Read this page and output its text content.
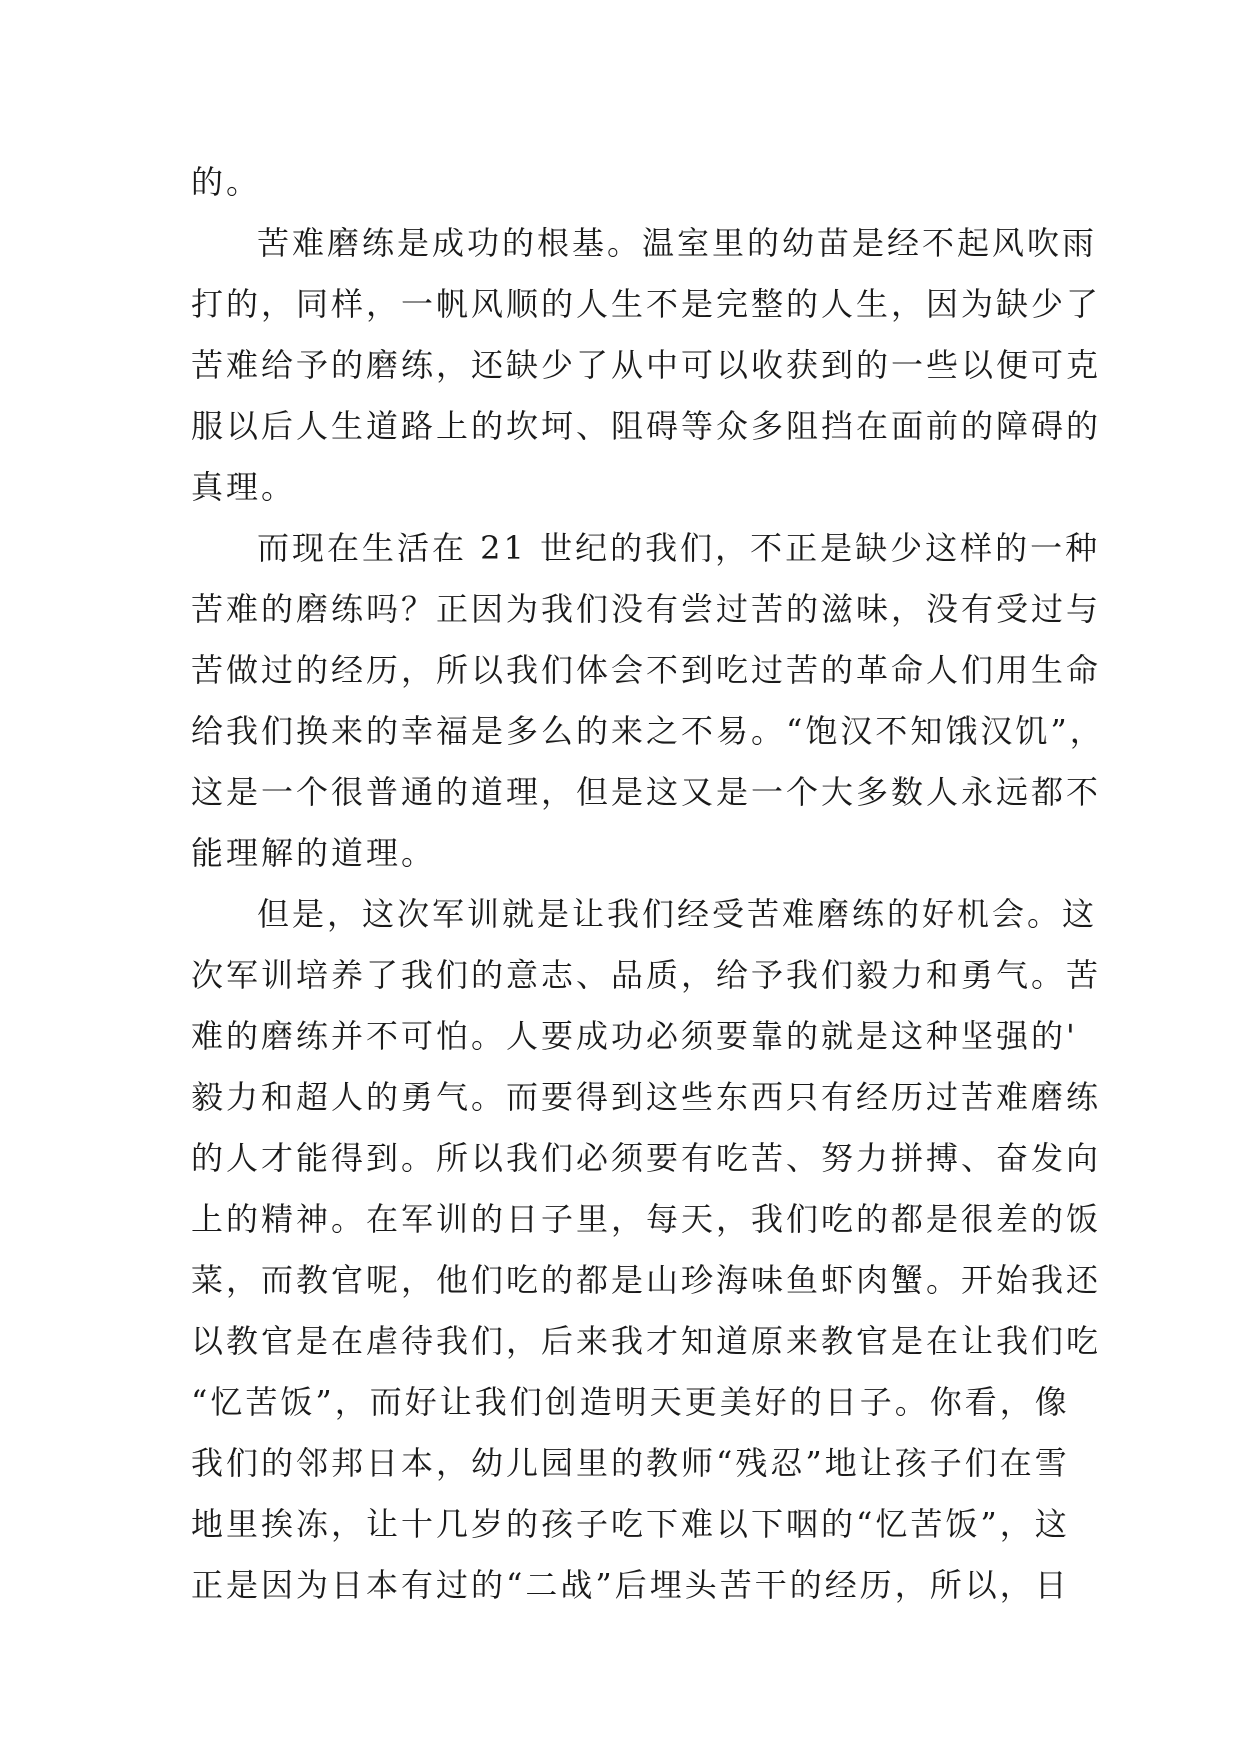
的。
苦难磨练是成功的根基。温室里的幼苗是经不起风吹雨
打的，同样，一帆风顺的人生不是完整的人生，因为缺少了
苦难给予的磨练，还缺少了从中可以收获到的一些以便可克
服以后人生道路上的坎坷、阻碍等众多阻挡在面前的障碍的
真理。
而现在生活在 21 世纪的我们，不正是缺少这样的一种
苦难的磨练吗？正因为我们没有尝过苦的滋味，没有受过与
苦做过的经历，所以我们体会不到吃过苦的革命人们用生命
给我们换来的幸福是多么的来之不易。“饱汉不知饿汉饥”，
这是一个很普通的道理，但是这又是一个大多数人永远都不
能理解的道理。
但是，这次军训就是让我们经受苦难磨练的好机会。这
次军训培养了我们的意志、品质，给予我们毅力和勇气。苦
难的磨练并不可怕。人要成功必须要靠的就是这种坚强的'
毅力和超人的勇气。而要得到这些东西只有经历过苦难磨练
的人才能得到。所以我们必须要有吃苦、努力拼搏、奋发向
上的精神。在军训的日子里，每天，我们吃的都是很差的饭
菜，而教官呢，他们吃的都是山珍海味鱼虾肉蟹。开始我还
以教官是在虐待我们，后来我才知道原来教官是在让我们吃
“忆苦饭”，而好让我们创造明天更美好的日子。你看，像
我们的邻邦日本，幼儿园里的教师“残忍”地让孩子们在雪
地里挨冻，让十几岁的孩子吃下难以下咽的“忆苦饭”，这
正是因为日本有过的“二战”后埋头苦干的经历，所以，日
